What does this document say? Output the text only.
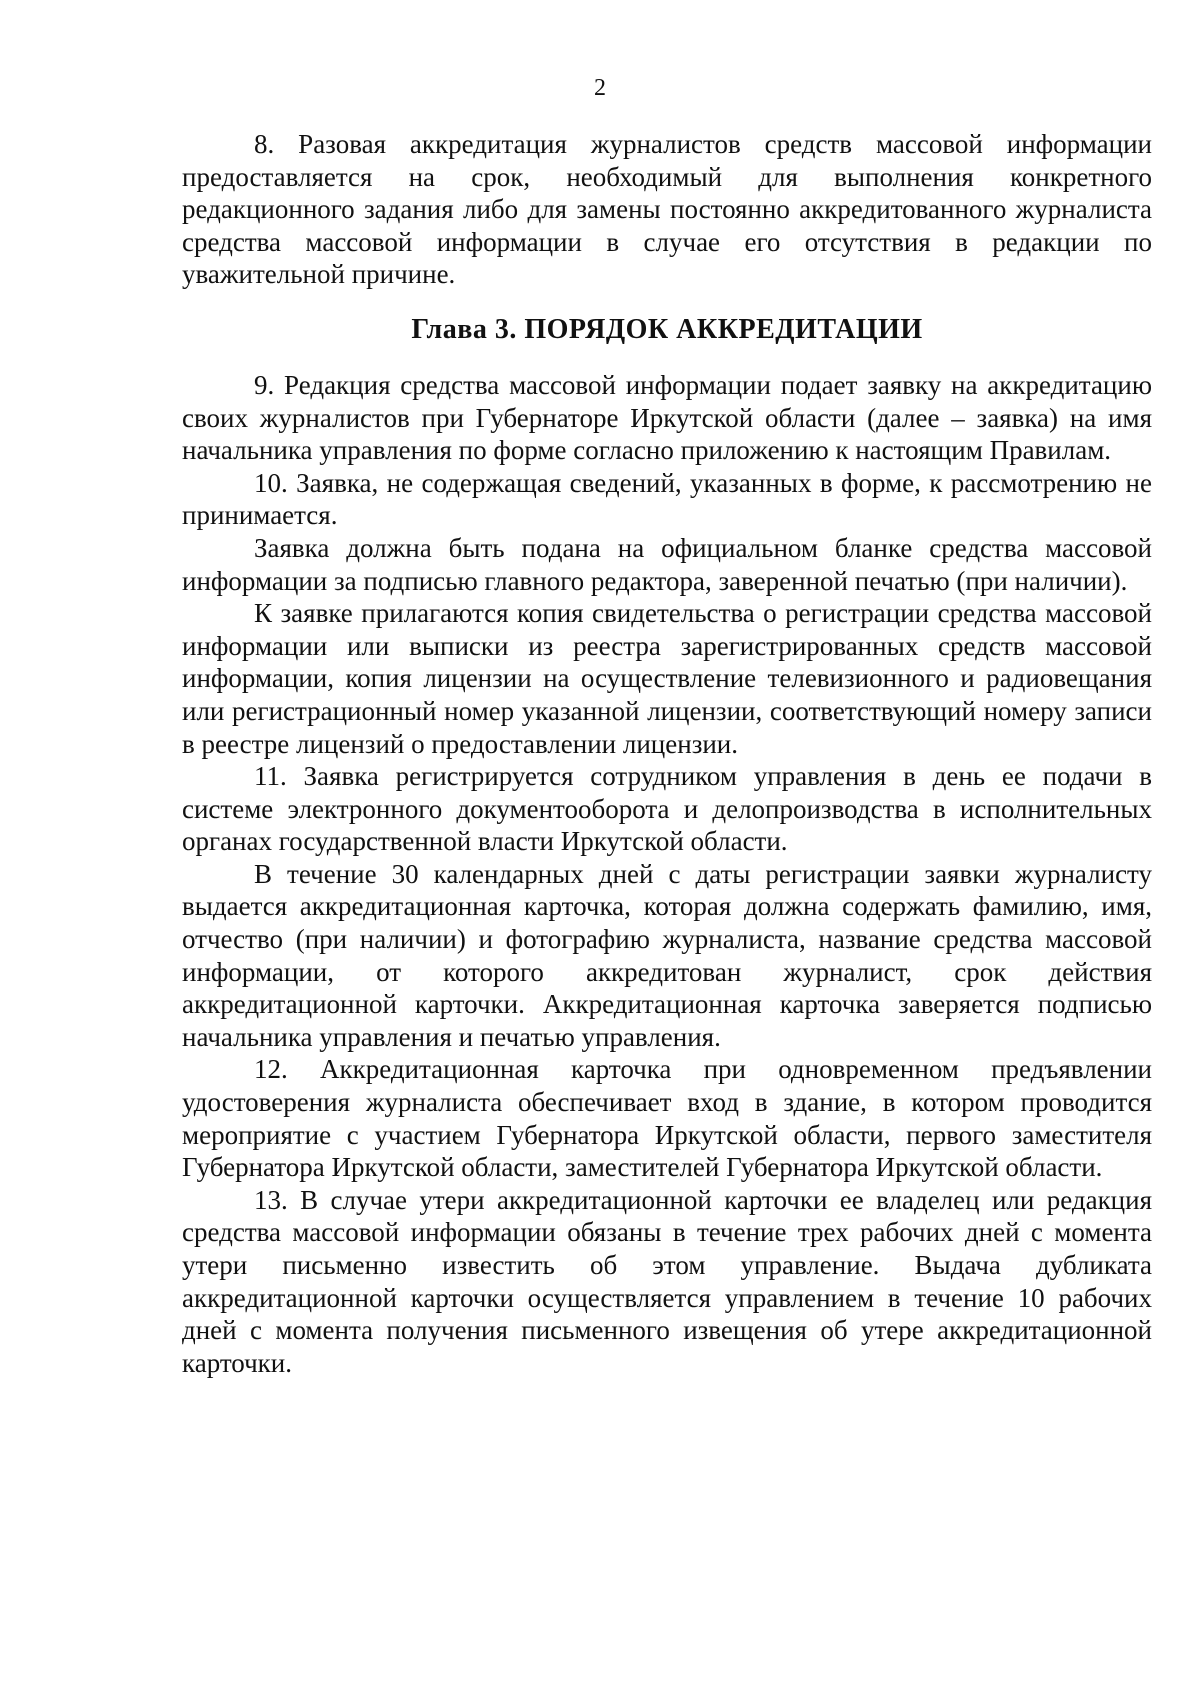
2

8. Разовая аккредитация журналистов средств массовой информации предоставляется на срок, необходимый для выполнения конкретного редакционного задания либо для замены постоянно аккредитованного журналиста средства массовой информации в случае его отсутствия в редакции по уважительной причине.

Глава 3. ПОРЯДОК АККРЕДИТАЦИИ

9. Редакция средства массовой информации подает заявку на аккредитацию своих журналистов при Губернаторе Иркутской области (далее – заявка) на имя начальника управления по форме согласно приложению к настоящим Правилам.

10. Заявка, не содержащая сведений, указанных в форме, к рассмотрению не принимается.

Заявка должна быть подана на официальном бланке средства массовой информации за подписью главного редактора, заверенной печатью (при наличии).

К заявке прилагаются копия свидетельства о регистрации средства массовой информации или выписки из реестра зарегистрированных средств массовой информации, копия лицензии на осуществление телевизионного и радиовещания или регистрационный номер указанной лицензии, соответствующий номеру записи в реестре лицензий о предоставлении лицензии.

11. Заявка регистрируется сотрудником управления в день ее подачи в системе электронного документооборота и делопроизводства в исполнительных органах государственной власти Иркутской области.

В течение 30 календарных дней с даты регистрации заявки журналисту выдается аккредитационная карточка, которая должна содержать фамилию, имя, отчество (при наличии) и фотографию журналиста, название средства массовой информации, от которого аккредитован журналист, срок действия аккредитационной карточки. Аккредитационная карточка заверяется подписью начальника управления и печатью управления.

12. Аккредитационная карточка при одновременном предъявлении удостоверения журналиста обеспечивает вход в здание, в котором проводится мероприятие с участием Губернатора Иркутской области, первого заместителя Губернатора Иркутской области, заместителей Губернатора Иркутской области.

13. В случае утери аккредитационной карточки ее владелец или редакция средства массовой информации обязаны в течение трех рабочих дней с момента утери письменно известить об этом управление. Выдача дубликата аккредитационной карточки осуществляется управлением в течение 10 рабочих дней с момента получения письменного извещения об утере аккредитационной карточки.
